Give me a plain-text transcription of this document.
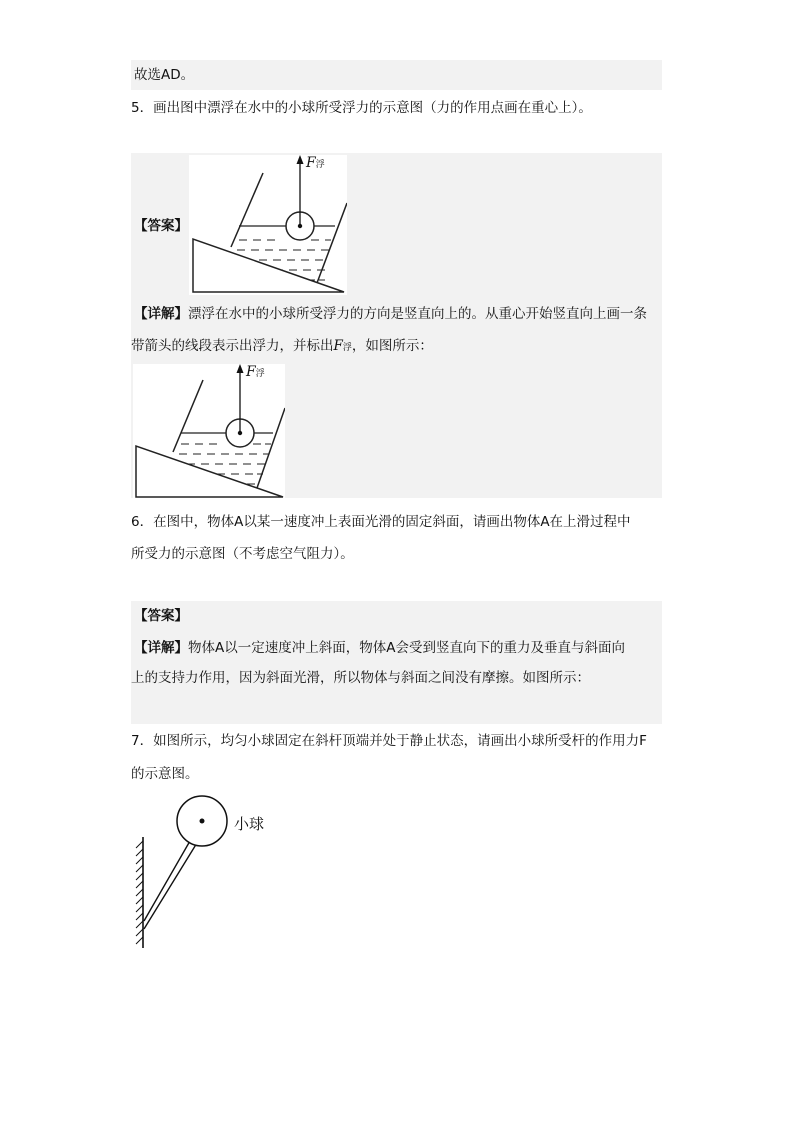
故选AD。
5．画出图中漂浮在水中的小球所受浮力的示意图（力的作用点画在重心上）。
【答案】
F浮
【详解】漂浮在水中的小球所受浮力的方向是竖直向上的。从重心开始竖直向上画一条
带箭头的线段表示出浮力，并标出F浮，如图所示：
F浮
6．在图中，物体A以某一速度冲上表面光滑的固定斜面，请画出物体A在上滑过程中
所受力的示意图（不考虑空气阻力）。
【答案】
【详解】物体A以一定速度冲上斜面，物体A会受到竖直向下的重力及垂直与斜面向
上的支持力作用，因为斜面光滑，所以物体与斜面之间没有摩擦。如图所示：
7．如图所示，均匀小球固定在斜杆顶端并处于静止状态，请画出小球所受杆的作用力F
的示意图。
小球
